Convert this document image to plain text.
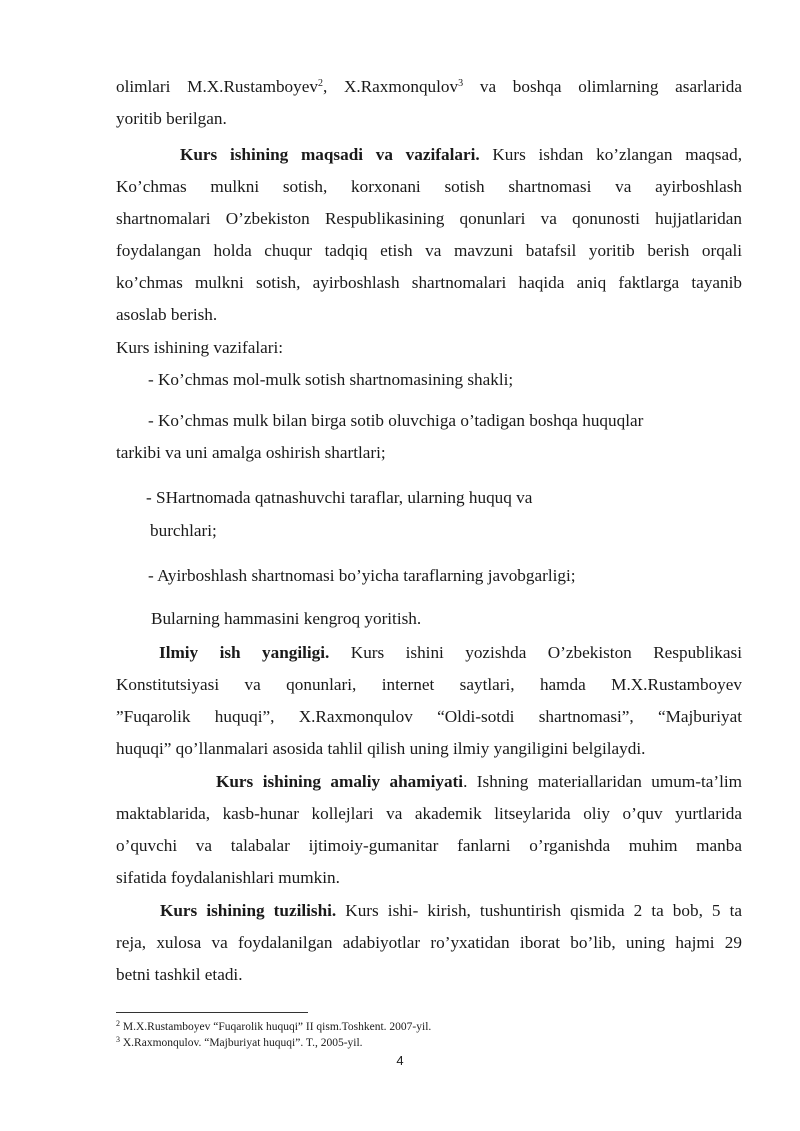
olimlari M.X.Rustamboyev$^2$, X.Raxmonqulov$^3$ va boshqa olimlarning asarlarida
yoritib berilgan.
Kurs ishining maqsadi va vazifalari. Kurs ishdan ko’zlangan maqsad,
Ko’chmas mulkni sotish, korxonani sotish shartnomasi va ayirboshlash
shartnomalari O’zbekiston Respublikasining qonunlari va qonunosti hujjatlaridan
foydalangan holda chuqur tadqiq etish va mavzuni batafsil yoritib berish orqali
ko’chmas mulkni sotish, ayirboshlash shartnomalari haqida aniq faktlarga tayanib
asoslab berish.
Kurs ishining vazifalari:
- Ko’chmas mol-mulk sotish shartnomasining shakli;
- Ko’chmas mulk bilan birga sotib oluvchiga o’tadigan boshqa huquqlar
tarkibi va uni amalga oshirish shartlari;
- SHartnomada qatnashuvchi taraflar, ularning huquq va
burchlari;
- Ayirboshlash shartnomasi bo’yicha taraflarning javobgarligi;
Bularning hammasini kengroq yoritish.
Ilmiy ish yangiligi. Kurs ishini yozishda O’zbekiston Respublikasi
Konstitutsiyasi va qonunlari, internet saytlari, hamda M.X.Rustamboyev
”Fuqarolik huquqi”, X.Raxmonqulov “Oldi-sotdi shartnomasi”, “Majburiyat
huquqi” qo’llanmalari asosida tahlil qilish uning ilmiy yangiligini belgilaydi.
Kurs ishining amaliy ahamiyati. Ishning materiallaridan umum-ta’lim
maktablarida, kasb-hunar kollejlari va akademik litseylarida oliy o’quv yurtlarida
o’quvchi va talabalar ijtimoiy-gumanitar fanlarni o’rganishda muhim manba
sifatida foydalanishlari mumkin.
Kurs ishining tuzilishi. Kurs ishi- kirish, tushuntirish qismida 2 ta bob, 5 ta
reja, xulosa va foydalanilgan adabiyotlar ro’yxatidan iborat bo’lib, uning hajmi 29
betni tashkil etadi.
$^2$ M.X.Rustamboyev “Fuqarolik huquqi” II qism.Toshkent. 2007-yil.
$^3$ X.Raxmonqulov. “Majburiyat huquqi”. T., 2005-yil.
4
